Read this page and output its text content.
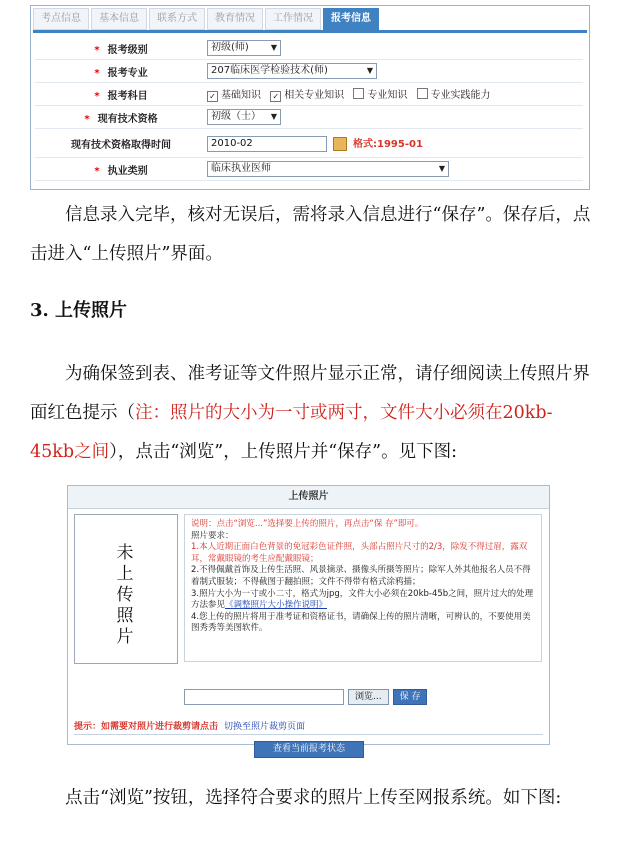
考点信息	基本信息	联系方式	教育情况	工作情况	报考信息
* 报考级别	初级(师) ▼

* 报考专业	207临床医学检验技术(师) ▼

* 报考科目	✓ 基础知识 ✓ 相关专业知识 专业知识 专业实践能力
* 现有技术资格	初级（士） ▼

现有技术资格取得时间	2010-02 格式:1995-01
* 执业类别	临床执业医师 ▼
信息录入完毕，核对无误后，需将录入信息进行“保存”。保存后，点击进入“上传照片”界面。
3. 上传照片
为确保签到表、准考证等文件照片显示正常，请仔细阅读上传照片界面红色提示（注：照片的大小为一寸或两寸，文件大小必须在20kb-45kb之间），点击“浏览”，上传照片并“保存”。见下图:
上传照片
未上传照片
说明：点击“浏览...”选择要上传的照片，再点击“保 存”即可。
照片要求：
1.本人近期正面白色背景的免冠彩色证件照，头部占照片尺寸的2/3，除发不得过眉，露双耳，常戴眼镜的考生应配戴眼镜；
2.不得佩戴首饰及上传生活照、风景摘录、摄像头所摄等照片；除军人外其他报名人员不得着制式服装；不得截图于翻拍照；文件不得带有格式涂鸦描；
3.照片大小为一寸或小二寸，格式为jpg，文件大小必须在20kb-45b之间，照片过大的处理方法参见《调整照片大小操作说明》
4.您上传的照片将用于准考证和资格证书，请确保上传的照片清晰，可辨认的，不要使用美图秀秀等美图软件。
浏览... 保 存
提示：如需要对照片进行裁剪请点击 切换至照片裁剪页面
查看当前报考状态
点击“浏览”按钮，选择符合要求的照片上传至网报系统。如下图:
